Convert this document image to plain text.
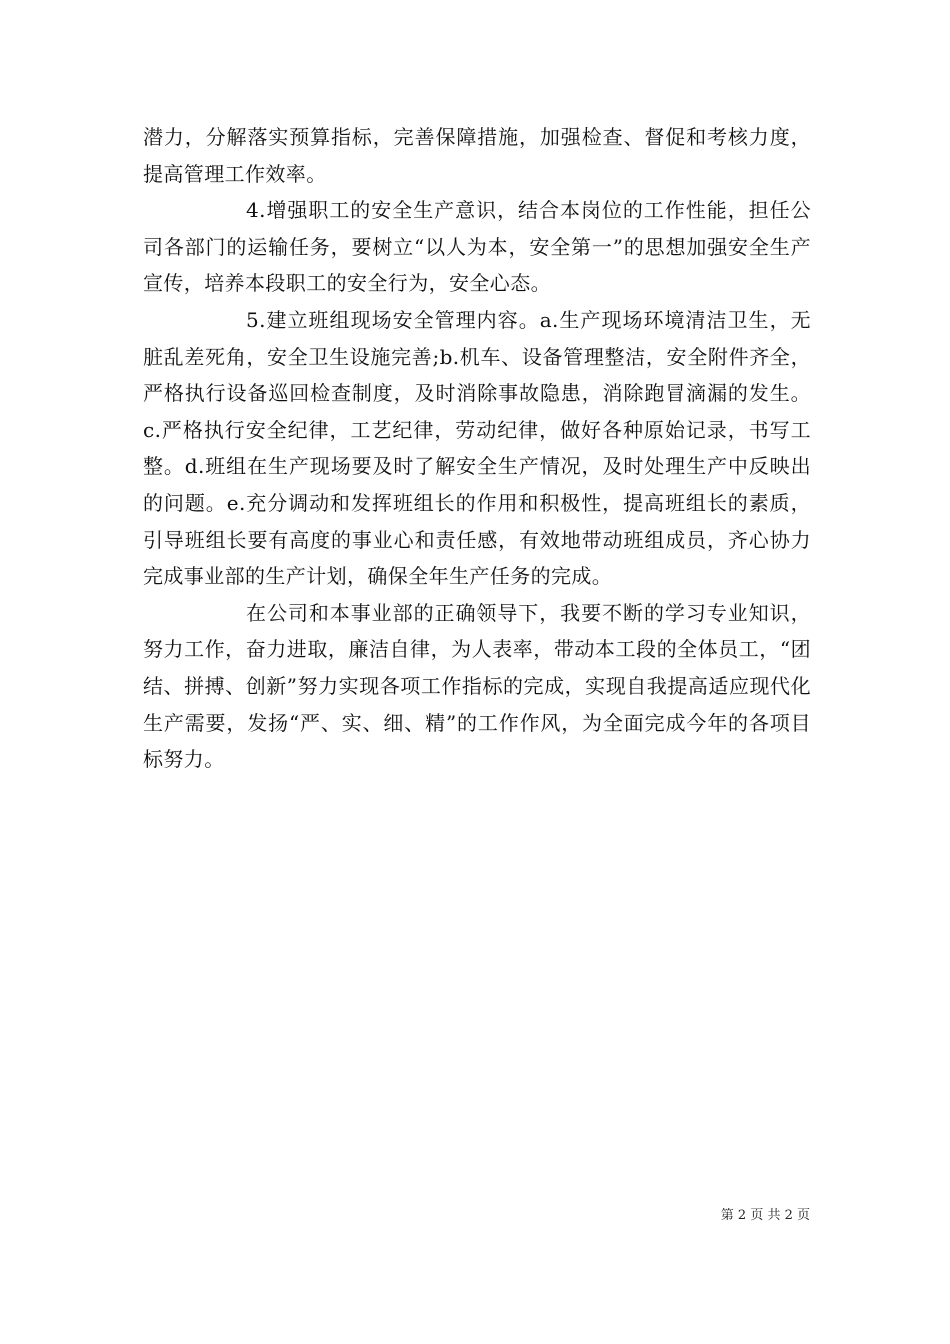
潜力，分解落实预算指标，完善保障措施，加强检查、督促和考核力度，提高管理工作效率。

4.增强职工的安全生产意识，结合本岗位的工作性能，担任公司各部门的运输任务，要树立“以人为本，安全第一”的思想加强安全生产宣传，培养本段职工的安全行为，安全心态。

5.建立班组现场安全管理内容。a.生产现场环境清洁卫生，无脏乱差死角，安全卫生设施完善;b.机车、设备管理整洁，安全附件齐全，严格执行设备巡回检查制度，及时消除事故隐患，消除跑冒滴漏的发生。c.严格执行安全纪律，工艺纪律，劳动纪律，做好各种原始记录，书写工整。d.班组在生产现场要及时了解安全生产情况，及时处理生产中反映出的问题。e.充分调动和发挥班组长的作用和积极性，提高班组长的素质，引导班组长要有高度的事业心和责任感，有效地带动班组成员，齐心协力完成事业部的生产计划，确保全年生产任务的完成。

在公司和本事业部的正确领导下，我要不断的学习专业知识，努力工作，奋力进取，廉洁自律，为人表率，带动本工段的全体员工，“团结、拼搏、创新”努力实现各项工作指标的完成，实现自我提高适应现代化生产需要，发扬“严、实、细、精”的工作作风，为全面完成今年的各项目标努力。

第 2 页 共 2 页
